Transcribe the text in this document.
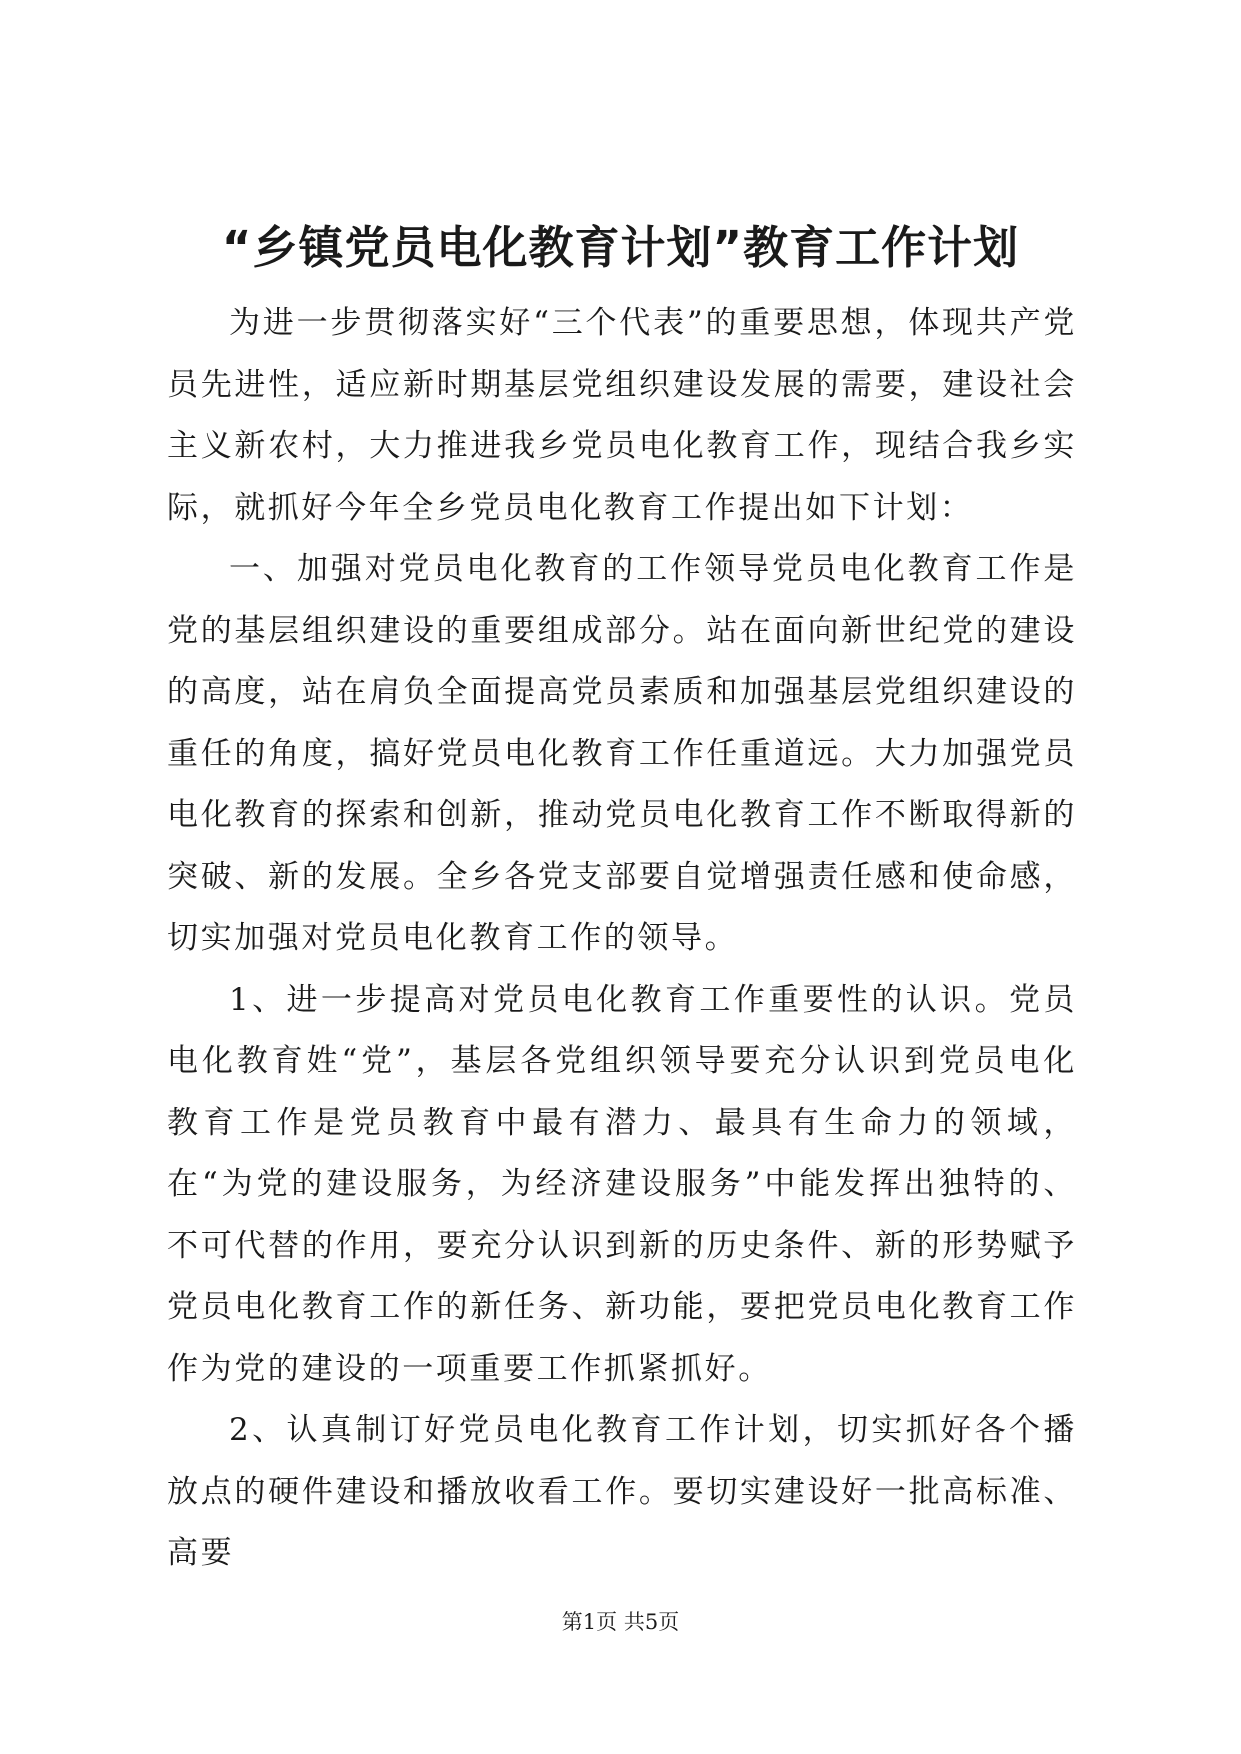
“乡镇党员电化教育计划”教育工作计划

为进一步贯彻落实好“三个代表”的重要思想，体现共产党员先进性，适应新时期基层党组织建设发展的需要，建设社会主义新农村，大力推进我乡党员电化教育工作，现结合我乡实际，就抓好今年全乡党员电化教育工作提出如下计划：

一、加强对党员电化教育的工作领导党员电化教育工作是党的基层组织建设的重要组成部分。站在面向新世纪党的建设的高度，站在肩负全面提高党员素质和加强基层党组织建设的重任的角度，搞好党员电化教育工作任重道远。大力加强党员电化教育的探索和创新，推动党员电化教育工作不断取得新的突破、新的发展。全乡各党支部要自觉增强责任感和使命感，切实加强对党员电化教育工作的领导。

1、进一步提高对党员电化教育工作重要性的认识。党员电化教育姓“党”，基层各党组织领导要充分认识到党员电化教育工作是党员教育中最有潜力、最具有生命力的领域，在“为党的建设服务，为经济建设服务”中能发挥出独特的、不可代替的作用，要充分认识到新的历史条件、新的形势赋予党员电化教育工作的新任务、新功能，要把党员电化教育工作作为党的建设的一项重要工作抓紧抓好。

2、认真制订好党员电化教育工作计划，切实抓好各个播放点的硬件建设和播放收看工作。要切实建设好一批高标准、高要

第1页 共5页
